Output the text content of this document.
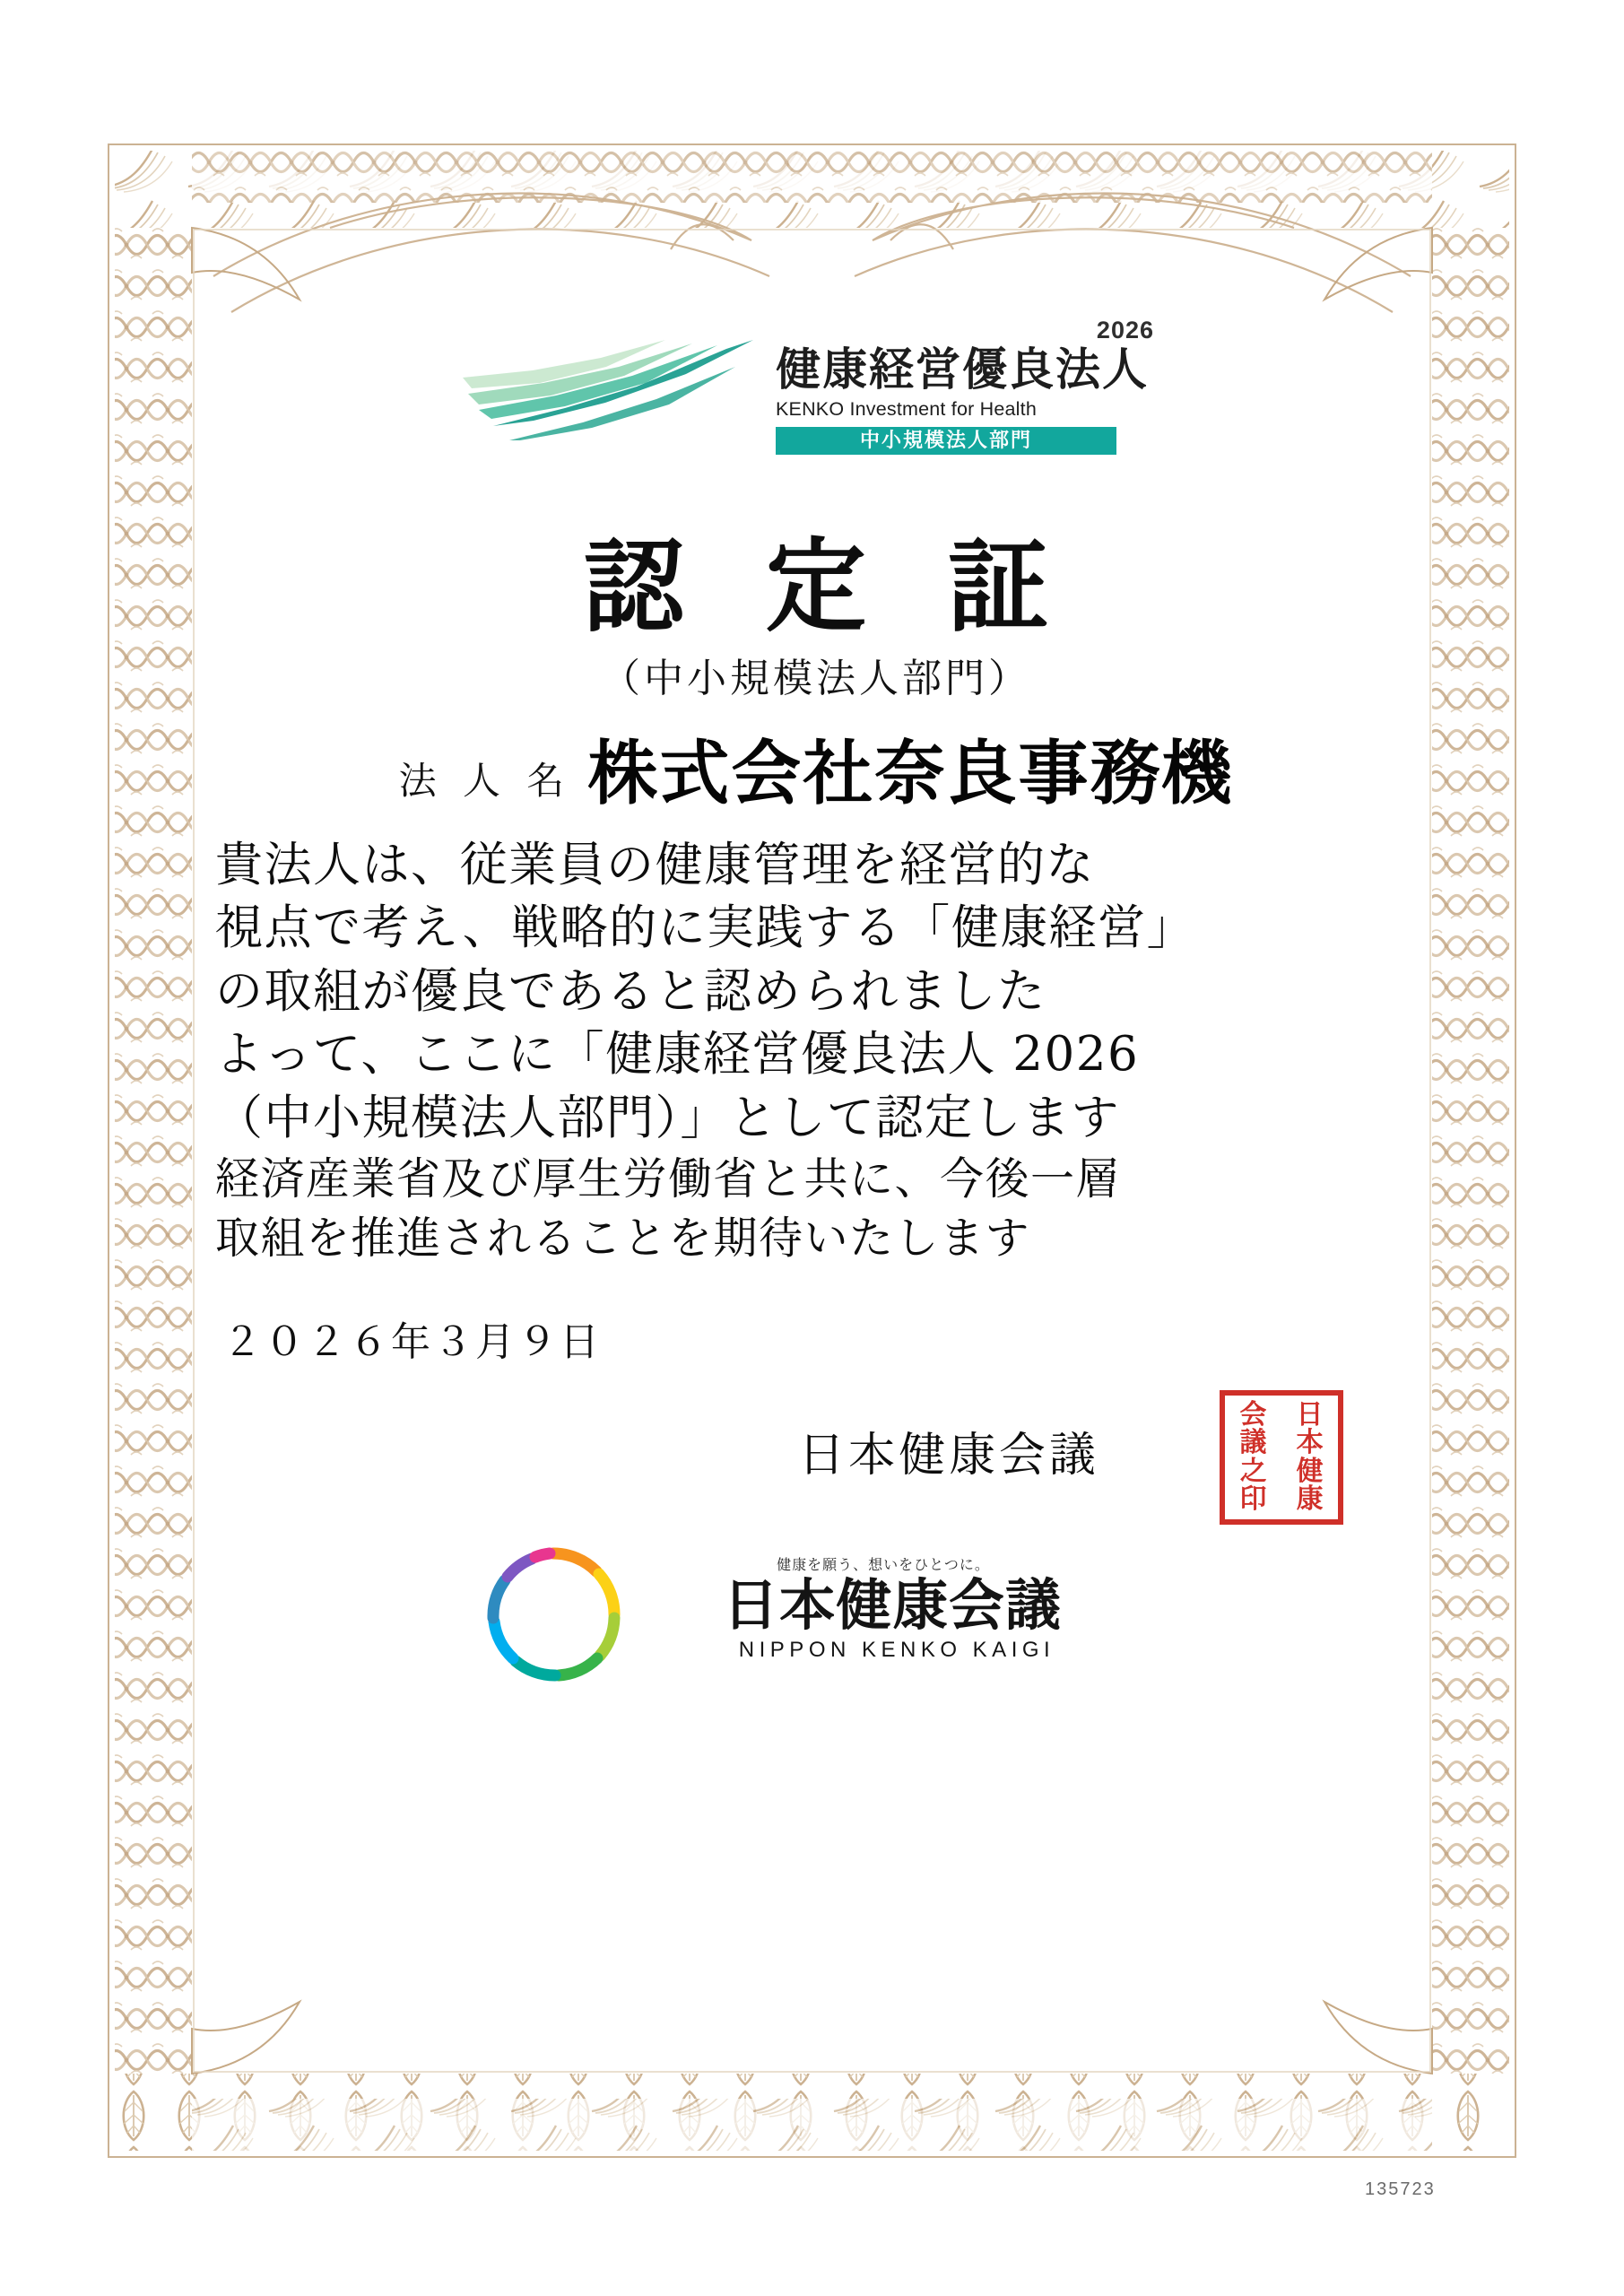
2026
健康経営優良法人
KENKO Investment for Health
中小規模法人部門
認 定 証
（中小規模法人部門）
法 人 名 株式会社奈良事務機
貴法人は、従業員の健康管理を経営的な
視点で考え、戦略的に実践する「健康経営」
の取組が優良であると認められました
よって、ここに「健康経営優良法人 2026
（中小規模法人部門）」として認定します
経済産業省及び厚生労働省と共に、今後一層
取組を推進されることを期待いたします
２０２６年３月９日
日本健康会議
会
議
之
印
日
本
健
康
健康を願う、想いをひとつに。
日本健康会議
NIPPON KENKO KAIGI
135723
